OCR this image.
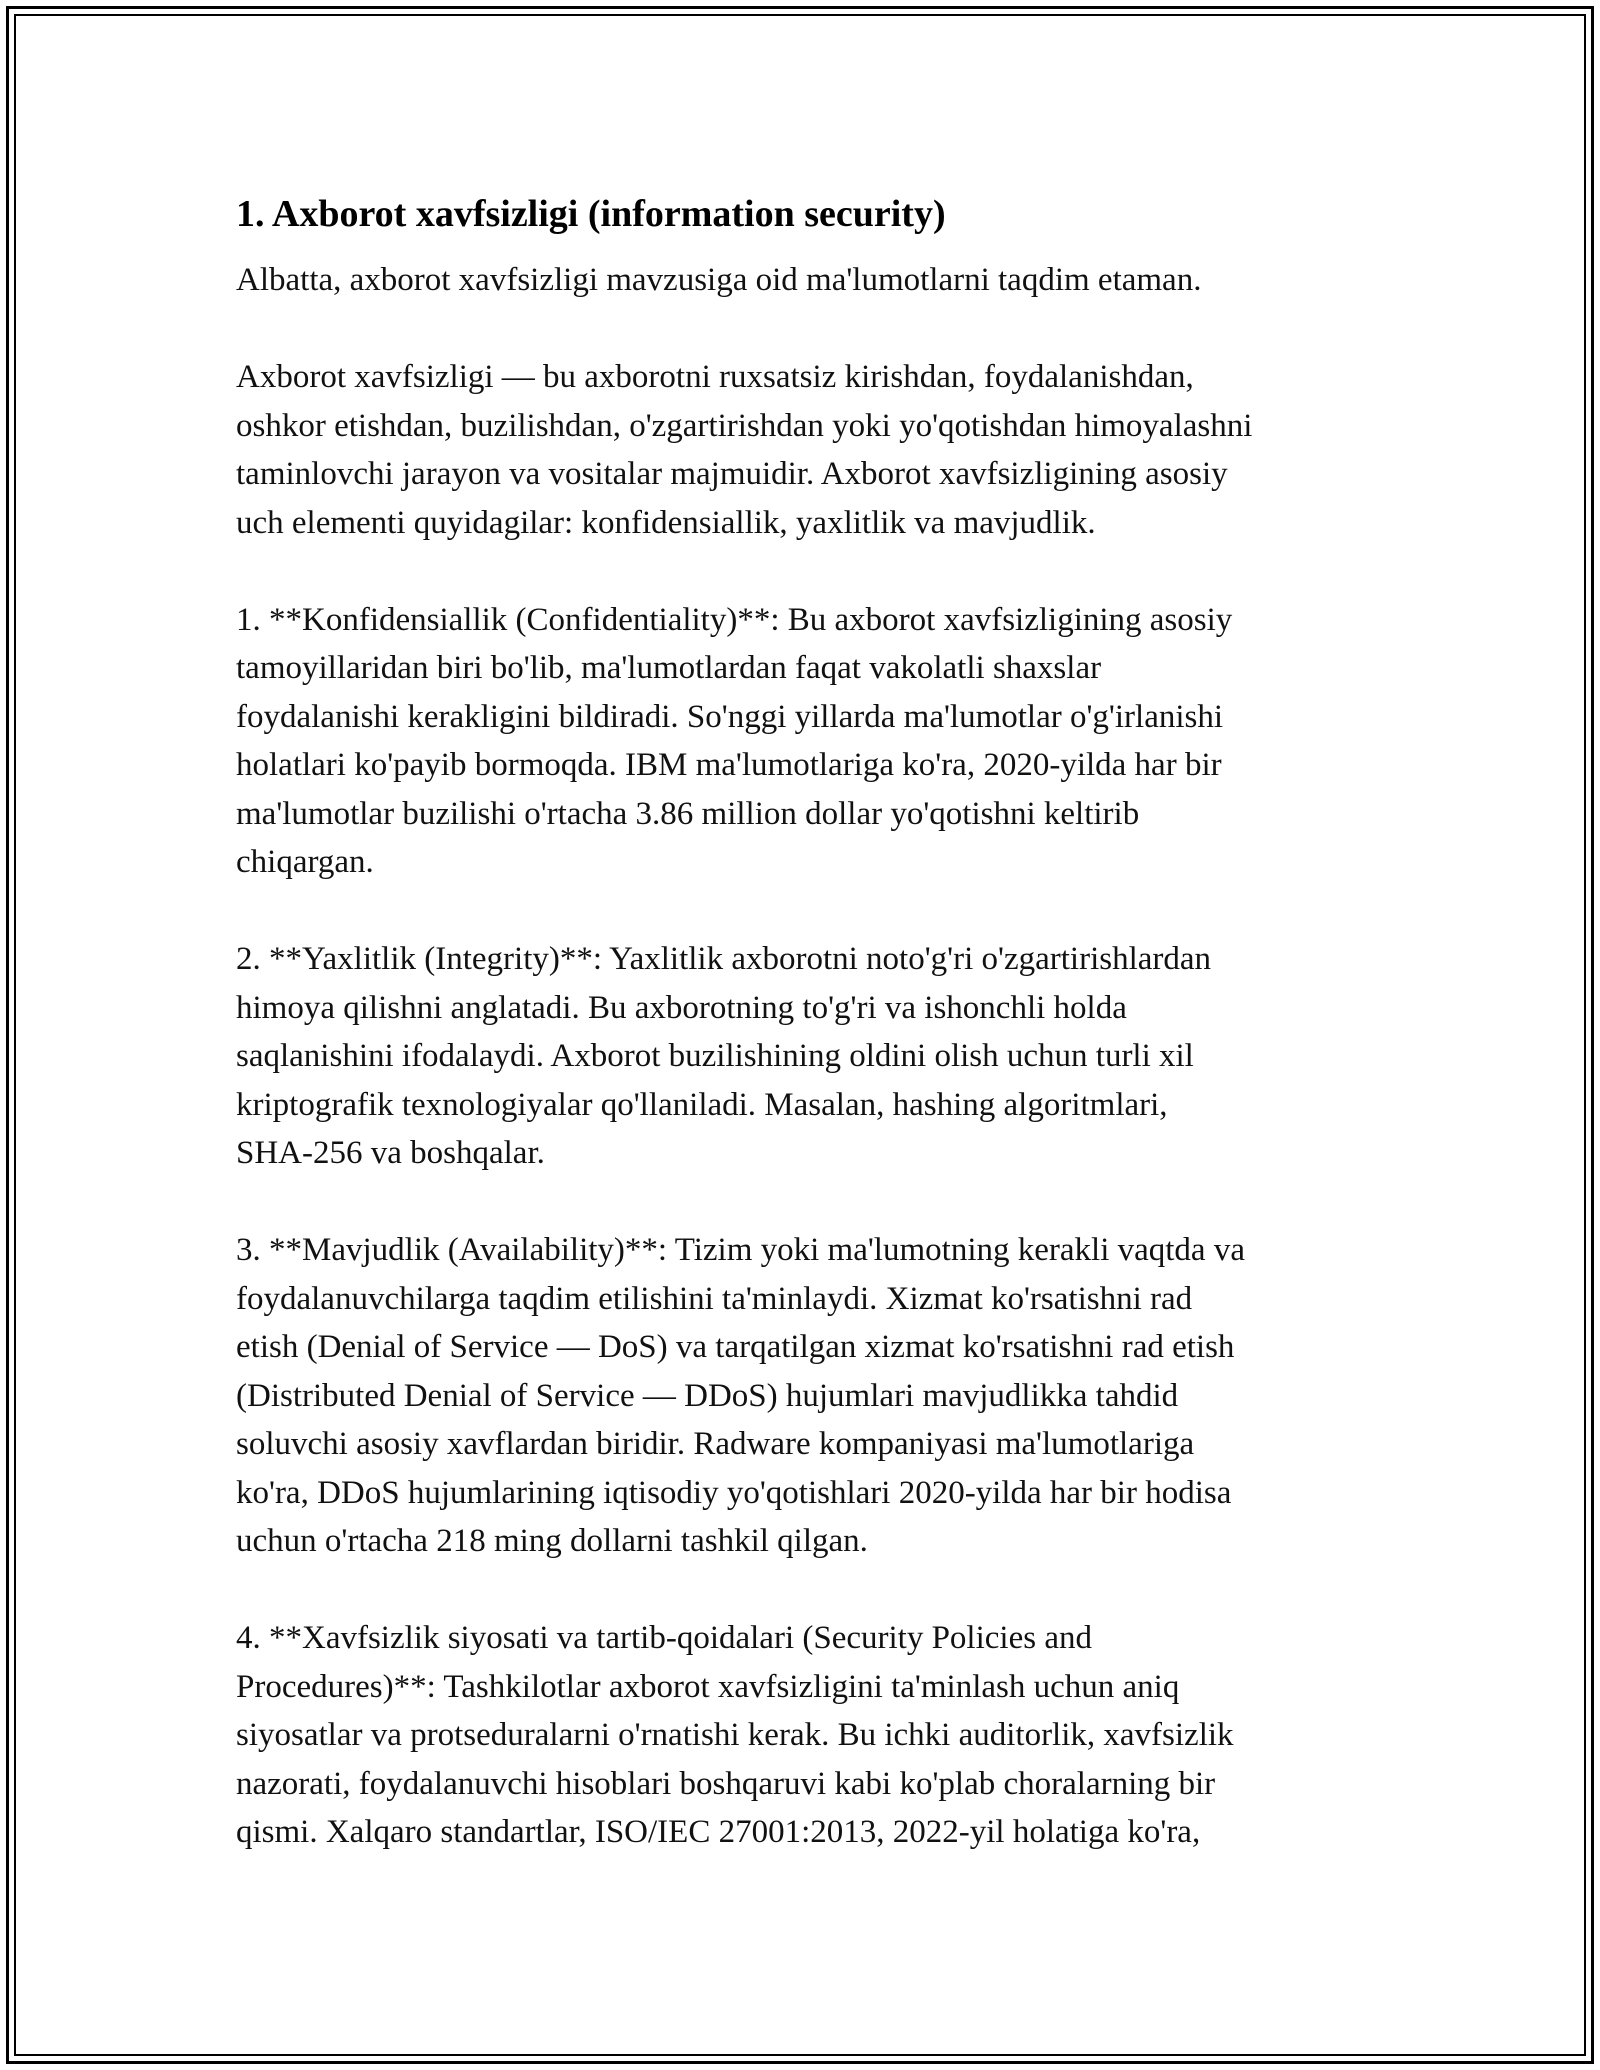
1. Axborot xavfsizligi (information security)

Albatta, axborot xavfsizligi mavzusiga oid ma'lumotlarni taqdim etaman.

Axborot xavfsizligi — bu axborotni ruxsatsiz kirishdan, foydalanishdan,
oshkor etishdan, buzilishdan, o'zgartirishdan yoki yo'qotishdan himoyalashni
taminlovchi jarayon va vositalar majmuidir. Axborot xavfsizligining asosiy
uch elementi quyidagilar: konfidensiallik, yaxlitlik va mavjudlik.

1. **Konfidensiallik (Confidentiality)**: Bu axborot xavfsizligining asosiy
tamoyillaridan biri bo'lib, ma'lumotlardan faqat vakolatli shaxslar
foydalanishi kerakligini bildiradi. So'nggi yillarda ma'lumotlar o'g'irlanishi
holatlari ko'payib bormoqda. IBM ma'lumotlariga ko'ra, 2020-yilda har bir
ma'lumotlar buzilishi o'rtacha 3.86 million dollar yo'qotishni keltirib
chiqargan.

2. **Yaxlitlik (Integrity)**: Yaxlitlik axborotni noto'g'ri o'zgartirishlardan
himoya qilishni anglatadi. Bu axborotning to'g'ri va ishonchli holda
saqlanishini ifodalaydi. Axborot buzilishining oldini olish uchun turli xil
kriptografik texnologiyalar qo'llaniladi. Masalan, hashing algoritmlari,
SHA-256 va boshqalar.

3. **Mavjudlik (Availability)**: Tizim yoki ma'lumotning kerakli vaqtda va
foydalanuvchilarga taqdim etilishini ta'minlaydi. Xizmat ko'rsatishni rad
etish (Denial of Service — DoS) va tarqatilgan xizmat ko'rsatishni rad etish
(Distributed Denial of Service — DDoS) hujumlari mavjudlikka tahdid
soluvchi asosiy xavflardan biridir. Radware kompaniyasi ma'lumotlariga
ko'ra, DDoS hujumlarining iqtisodiy yo'qotishlari 2020-yilda har bir hodisa
uchun o'rtacha 218 ming dollarni tashkil qilgan.

4. **Xavfsizlik siyosati va tartib-qoidalari (Security Policies and
Procedures)**: Tashkilotlar axborot xavfsizligini ta'minlash uchun aniq
siyosatlar va protseduralarni o'rnatishi kerak. Bu ichki auditorlik, xavfsizlik
nazorati, foydalanuvchi hisoblari boshqaruvi kabi ko'plab choralarning bir
qismi. Xalqaro standartlar, ISO/IEC 27001:2013, 2022-yil holatiga ko'ra,
